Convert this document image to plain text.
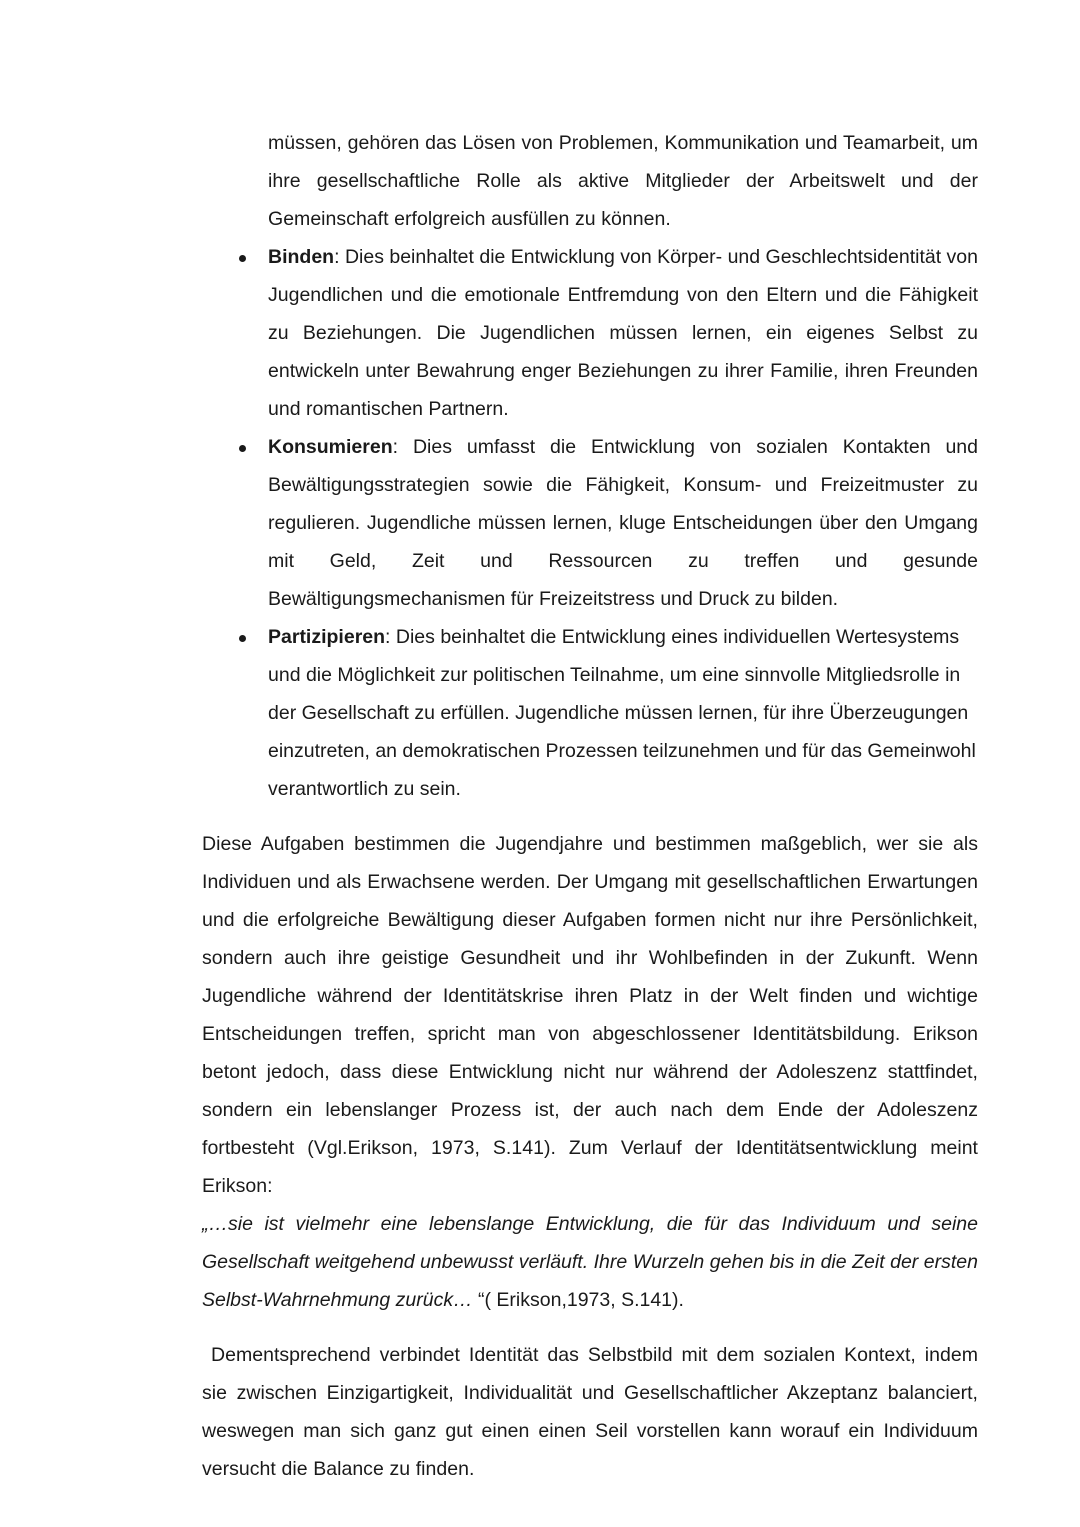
müssen, gehören das Lösen von Problemen, Kommunikation und Teamarbeit, um ihre gesellschaftliche Rolle als aktive Mitglieder der Arbeitswelt und der Gemeinschaft erfolgreich ausfüllen zu können.

Binden: Dies beinhaltet die Entwicklung von Körper- und Geschlechtsidentität von Jugendlichen und die emotionale Entfremdung von den Eltern und die Fähigkeit zu Beziehungen. Die Jugendlichen müssen lernen, ein eigenes Selbst zu entwickeln unter Bewahrung enger Beziehungen zu ihrer Familie, ihren Freunden und romantischen Partnern.
Konsumieren: Dies umfasst die Entwicklung von sozialen Kontakten und Bewältigungsstrategien sowie die Fähigkeit, Konsum- und Freizeitmuster zu regulieren. Jugendliche müssen lernen, kluge Entscheidungen über den Umgang mit Geld, Zeit und Ressourcen zu treffen und gesunde Bewältigungsmechanismen für Freizeitstress und Druck zu bilden.
Partizipieren: Dies beinhaltet die Entwicklung eines individuellen Wertesystems und die Möglichkeit zur politischen Teilnahme, um eine sinnvolle Mitgliedsrolle in der Gesellschaft zu erfüllen. Jugendliche müssen lernen, für ihre Überzeugungen einzutreten, an demokratischen Prozessen teilzunehmen und für das Gemeinwohl verantwortlich zu sein.

Diese Aufgaben bestimmen die Jugendjahre und bestimmen maßgeblich, wer sie als Individuen und als Erwachsene werden. Der Umgang mit gesellschaftlichen Erwartungen und die erfolgreiche Bewältigung dieser Aufgaben formen nicht nur ihre Persönlichkeit, sondern auch ihre geistige Gesundheit und ihr Wohlbefinden in der Zukunft. Wenn Jugendliche während der Identitätskrise ihren Platz in der Welt finden und wichtige Entscheidungen treffen, spricht man von abgeschlossener Identitätsbildung. Erikson betont jedoch, dass diese Entwicklung nicht nur während der Adoleszenz stattfindet, sondern ein lebenslanger Prozess ist, der auch nach dem Ende der Adoleszenz fortbesteht (Vgl.Erikson, 1973, S.141). Zum Verlauf der Identitätsentwicklung meint Erikson:

„…sie ist vielmehr eine lebenslange Entwicklung, die für das Individuum und seine Gesellschaft weitgehend unbewusst verläuft. Ihre Wurzeln gehen bis in die Zeit der ersten Selbst-Wahrnehmung zurück… “( Erikson,1973, S.141).

Dementsprechend verbindet Identität das Selbstbild mit dem sozialen Kontext, indem sie zwischen Einzigartigkeit, Individualität und Gesellschaftlicher Akzeptanz balanciert, weswegen man sich ganz gut einen einen Seil vorstellen kann worauf ein Individuum versucht die Balance zu finden.
